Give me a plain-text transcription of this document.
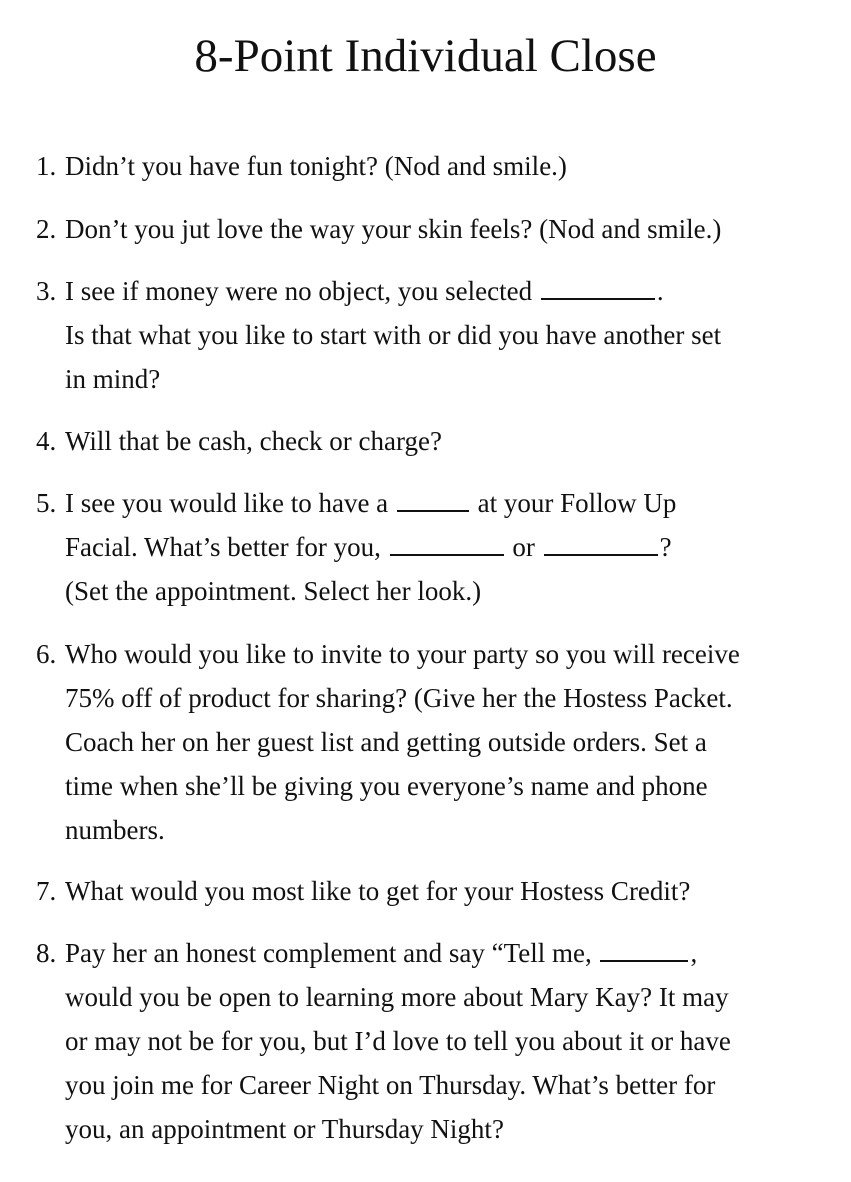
8-Point Individual Close
1. Didn’t you have fun tonight? (Nod and smile.)
2. Don’t you jut love the way your skin feels? (Nod and smile.)
3. I see if money were no object, you selected	.
Is that what you like to start with or did you have another set
in mind?
4. Will that be cash, check or charge?
5. I see you would like to have a	at your Follow Up
Facial. What’s better for you,	or	?
(Set the appointment. Select her look.)
6. Who would you like to invite to your party so you will receive
75% off of product for sharing? (Give her the Hostess Packet.
Coach her on her guest list and getting outside orders. Set a
time when she’ll be giving you everyone’s name and phone
numbers.
7. What would you most like to get for your Hostess Credit?
8. Pay her an honest complement and say “Tell me,	,
would you be open to learning more about Mary Kay? It may
or may not be for you, but I’d love to tell you about it or have
you join me for Career Night on Thursday. What’s better for
you, an appointment or Thursday Night?
